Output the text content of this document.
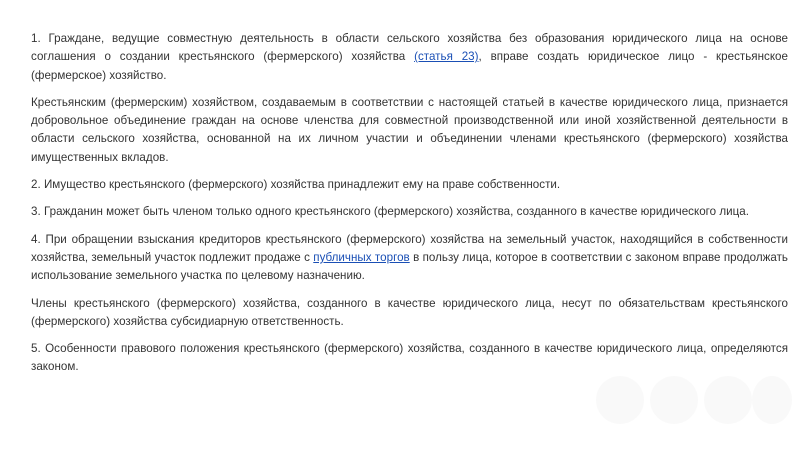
1. Граждане, ведущие совместную деятельность в области сельского хозяйства без образования юридического лица на основе соглашения о создании крестьянского (фермерского) хозяйства (статья 23), вправе создать юридическое лицо - крестьянское (фермерское) хозяйство.

Крестьянским (фермерским) хозяйством, создаваемым в соответствии с настоящей статьей в качестве юридического лица, признается добровольное объединение граждан на основе членства для совместной производственной или иной хозяйственной деятельности в области сельского хозяйства, основанной на их личном участии и объединении членами крестьянского (фермерского) хозяйства имущественных вкладов.

2. Имущество крестьянского (фермерского) хозяйства принадлежит ему на праве собственности.

3. Гражданин может быть членом только одного крестьянского (фермерского) хозяйства, созданного в качестве юридического лица.

4. При обращении взыскания кредиторов крестьянского (фермерского) хозяйства на земельный участок, находящийся в собственности хозяйства, земельный участок подлежит продаже с публичных торгов в пользу лица, которое в соответствии с законом вправе продолжать использование земельного участка по целевому назначению.

Члены крестьянского (фермерского) хозяйства, созданного в качестве юридического лица, несут по обязательствам крестьянского (фермерского) хозяйства субсидиарную ответственность.

5. Особенности правового положения крестьянского (фермерского) хозяйства, созданного в качестве юридического лица, определяются законом.
